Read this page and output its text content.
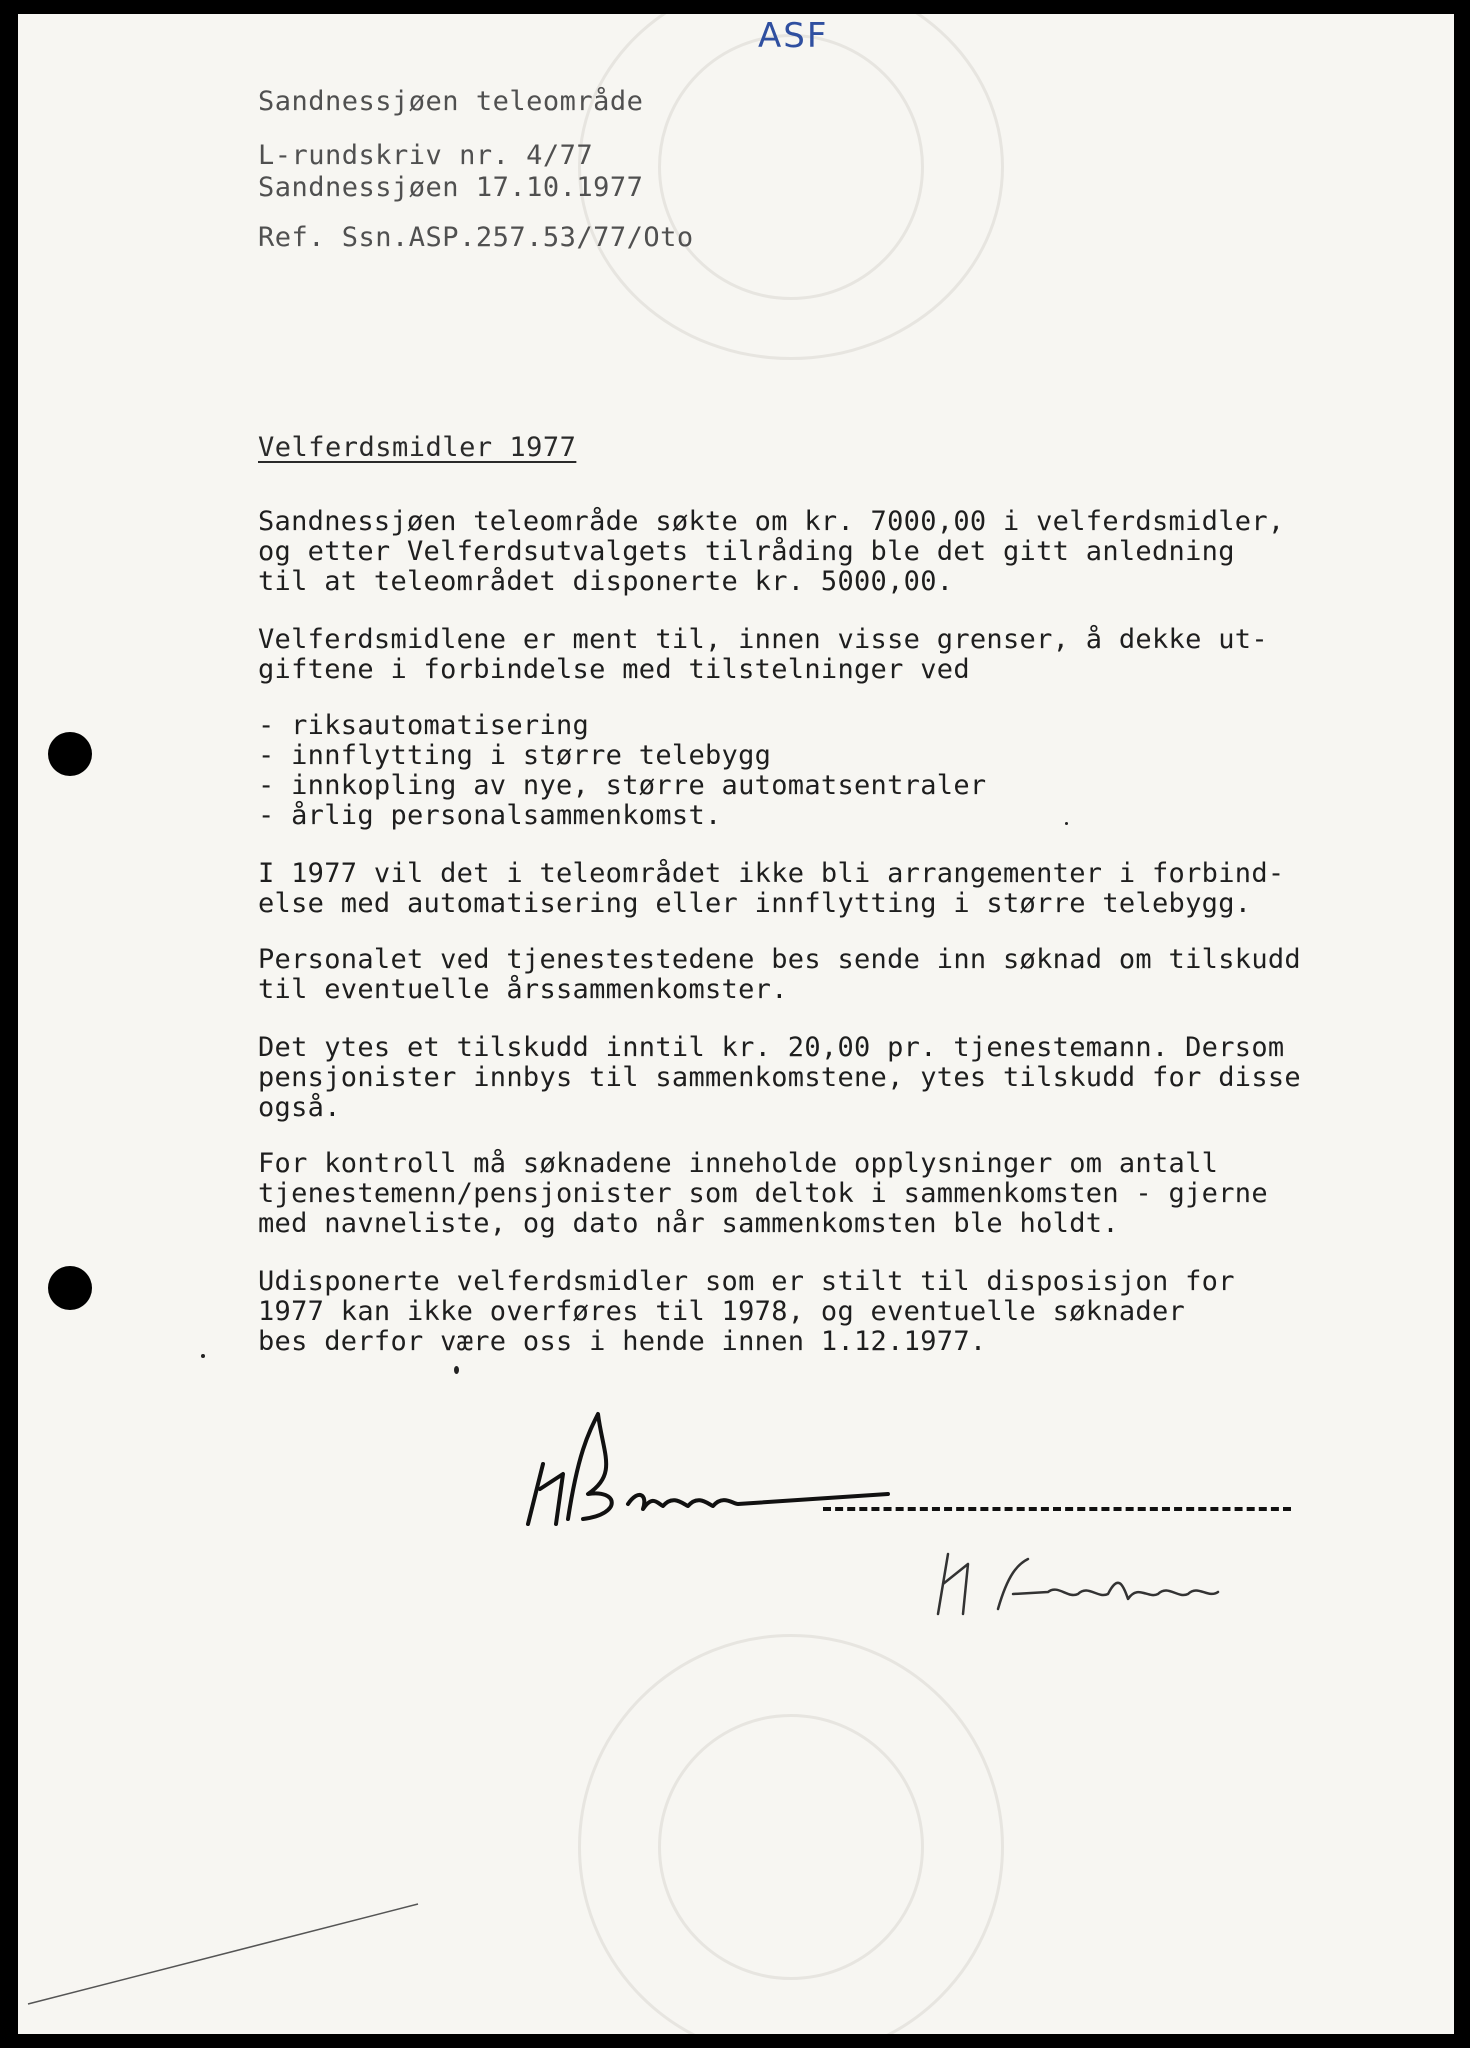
ASF
Sandnessjøen teleområde
L-rundskriv nr. 4/77
Sandnessjøen 17.10.1977
Ref. Ssn.ASP.257.53/77/Oto
Velferdsmidler 1977
Sandnessjøen teleområde søkte om kr. 7000,00 i velferdsmidler,
og etter Velferdsutvalgets tilråding ble det gitt anledning
til at teleområdet disponerte kr. 5000,00.
Velferdsmidlene er ment til, innen visse grenser, å dekke ut-
giftene i forbindelse med tilstelninger ved
- riksautomatisering
- innflytting i større telebygg
- innkopling av nye, større automatsentraler
- årlig personalsammenkomst.
I 1977 vil det i teleområdet ikke bli arrangementer i forbind-
else med automatisering eller innflytting i større telebygg.
Personalet ved tjenestestedene bes sende inn søknad om tilskudd
til eventuelle årssammenkomster.
Det ytes et tilskudd inntil kr. 20,00 pr. tjenestemann. Dersom
pensjonister innbys til sammenkomstene, ytes tilskudd for disse
også.
For kontroll må søknadene inneholde opplysninger om antall
tjenestemenn/pensjonister som deltok i sammenkomsten - gjerne
med navneliste, og dato når sammenkomsten ble holdt.
Udisponerte velferdsmidler som er stilt til disposisjon for
1977 kan ikke overføres til 1978, og eventuelle søknader
bes derfor være oss i hende innen 1.12.1977.
